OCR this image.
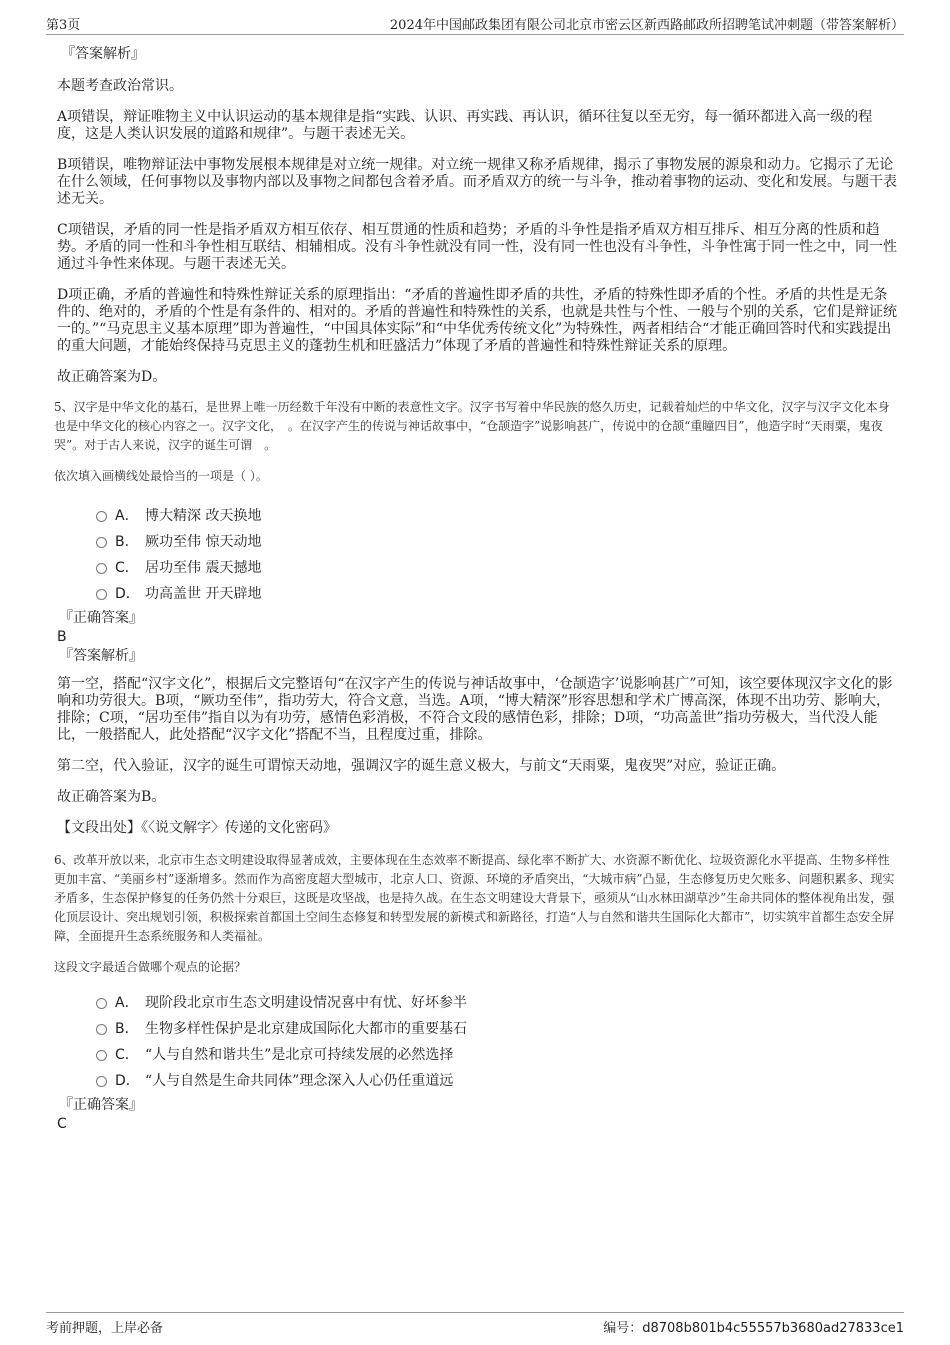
第3页	2024年中国邮政集团有限公司北京市密云区新西路邮政所招聘笔试冲刺题（带答案解析）
『答案解析』

本题考查政治常识。

A项错误，辩证唯物主义中认识运动的基本规律是指“实践、认识、再实践、再认识，循环往复以至无穷，每一循环都进入高一级的程度，这是人类认识发展的道路和规律”。与题干表述无关。

B项错误，唯物辩证法中事物发展根本规律是对立统一规律。对立统一规律又称矛盾规律，揭示了事物发展的源泉和动力。它揭示了无论在什么领域，任何事物以及事物内部以及事物之间都包含着矛盾。而矛盾双方的统一与斗争，推动着事物的运动、变化和发展。与题干表述无关。

C项错误，矛盾的同一性是指矛盾双方相互依存、相互贯通的性质和趋势；矛盾的斗争性是指矛盾双方相互排斥、相互分离的性质和趋势。矛盾的同一性和斗争性相互联结、相辅相成。没有斗争性就没有同一性，没有同一性也没有斗争性，斗争性寓于同一性之中，同一性通过斗争性来体现。与题干表述无关。

D项正确，矛盾的普遍性和特殊性辩证关系的原理指出：“矛盾的普遍性即矛盾的共性，矛盾的特殊性即矛盾的个性。矛盾的共性是无条件的、绝对的，矛盾的个性是有条件的、相对的。矛盾的普遍性和特殊性的关系，也就是共性与个性、一般与个别的关系，它们是辩证统一的。”“马克思主义基本原理”即为普遍性，“中国具体实际”和“中华优秀传统文化”为特殊性，两者相结合“才能正确回答时代和实践提出的重大问题，才能始终保持马克思主义的蓬勃生机和旺盛活力”体现了矛盾的普遍性和特殊性辩证关系的原理。

故正确答案为D。

5、汉字是中华文化的基石，是世界上唯一历经数千年没有中断的表意性文字。汉字书写着中华民族的悠久历史，记载着灿烂的中华文化，汉字与汉字文化本身也是中华文化的核心内容之一。汉字文化，　。在汉字产生的传说与神话故事中，“仓颉造字”说影响甚广，传说中的仓颉“重瞳四目”，他造字时“天雨粟，鬼夜哭”。对于古人来说，汉字的诞生可谓　。

依次填入画横线处最恰当的一项是（ ）。

A． 博大精深 改天换地
B． 厥功至伟 惊天动地
C． 居功至伟 震天撼地
D． 功高盖世 开天辟地
『正确答案』
B
『答案解析』

第一空，搭配“汉字文化”，根据后文完整语句“在汉字产生的传说与神话故事中，‘仓颉造字’说影响甚广”可知，该空要体现汉字文化的影响和功劳很大。B项，“厥功至伟”，指功劳大，符合文意，当选。A项，“博大精深”形容思想和学术广博高深，体现不出功劳、影响大，排除；C项，“居功至伟”指自以为有功劳，感情色彩消极，不符合文段的感情色彩，排除；D项，“功高盖世”指功劳极大，当代没人能比，一般搭配人，此处搭配“汉字文化”搭配不当，且程度过重，排除。

第二空，代入验证，汉字的诞生可谓惊天动地，强调汉字的诞生意义极大，与前文“天雨粟，鬼夜哭”对应，验证正确。

故正确答案为B。

【文段出处】《〈说文解字〉传递的文化密码》

6、改革开放以来，北京市生态文明建设取得显著成效，主要体现在生态效率不断提高、绿化率不断扩大、水资源不断优化、垃圾资源化水平提高、生物多样性更加丰富、“美丽乡村”逐渐增多。然而作为高密度超大型城市，北京人口、资源、环境的矛盾突出，“大城市病”凸显，生态修复历史欠账多、问题积累多、现实矛盾多，生态保护修复的任务仍然十分艰巨，这既是攻坚战，也是持久战。在生态文明建设大背景下，亟须从“山水林田湖草沙”生命共同体的整体视角出发，强化顶层设计、突出规划引领，积极探索首都国土空间生态修复和转型发展的新模式和新路径，打造“人与自然和谐共生国际化大都市”，切实筑牢首都生态安全屏障，全面提升生态系统服务和人类福祉。

这段文字最适合做哪个观点的论据？

A． 现阶段北京市生态文明建设情况喜中有忧、好坏参半
B． 生物多样性保护是北京建成国际化大都市的重要基石
C． “人与自然和谐共生”是北京可持续发展的必然选择
D． “人与自然是生命共同体”理念深入人心仍任重道远
『正确答案』
C
考前押题，上岸必备	编号：d8708b801b4c55557b3680ad27833ce1
